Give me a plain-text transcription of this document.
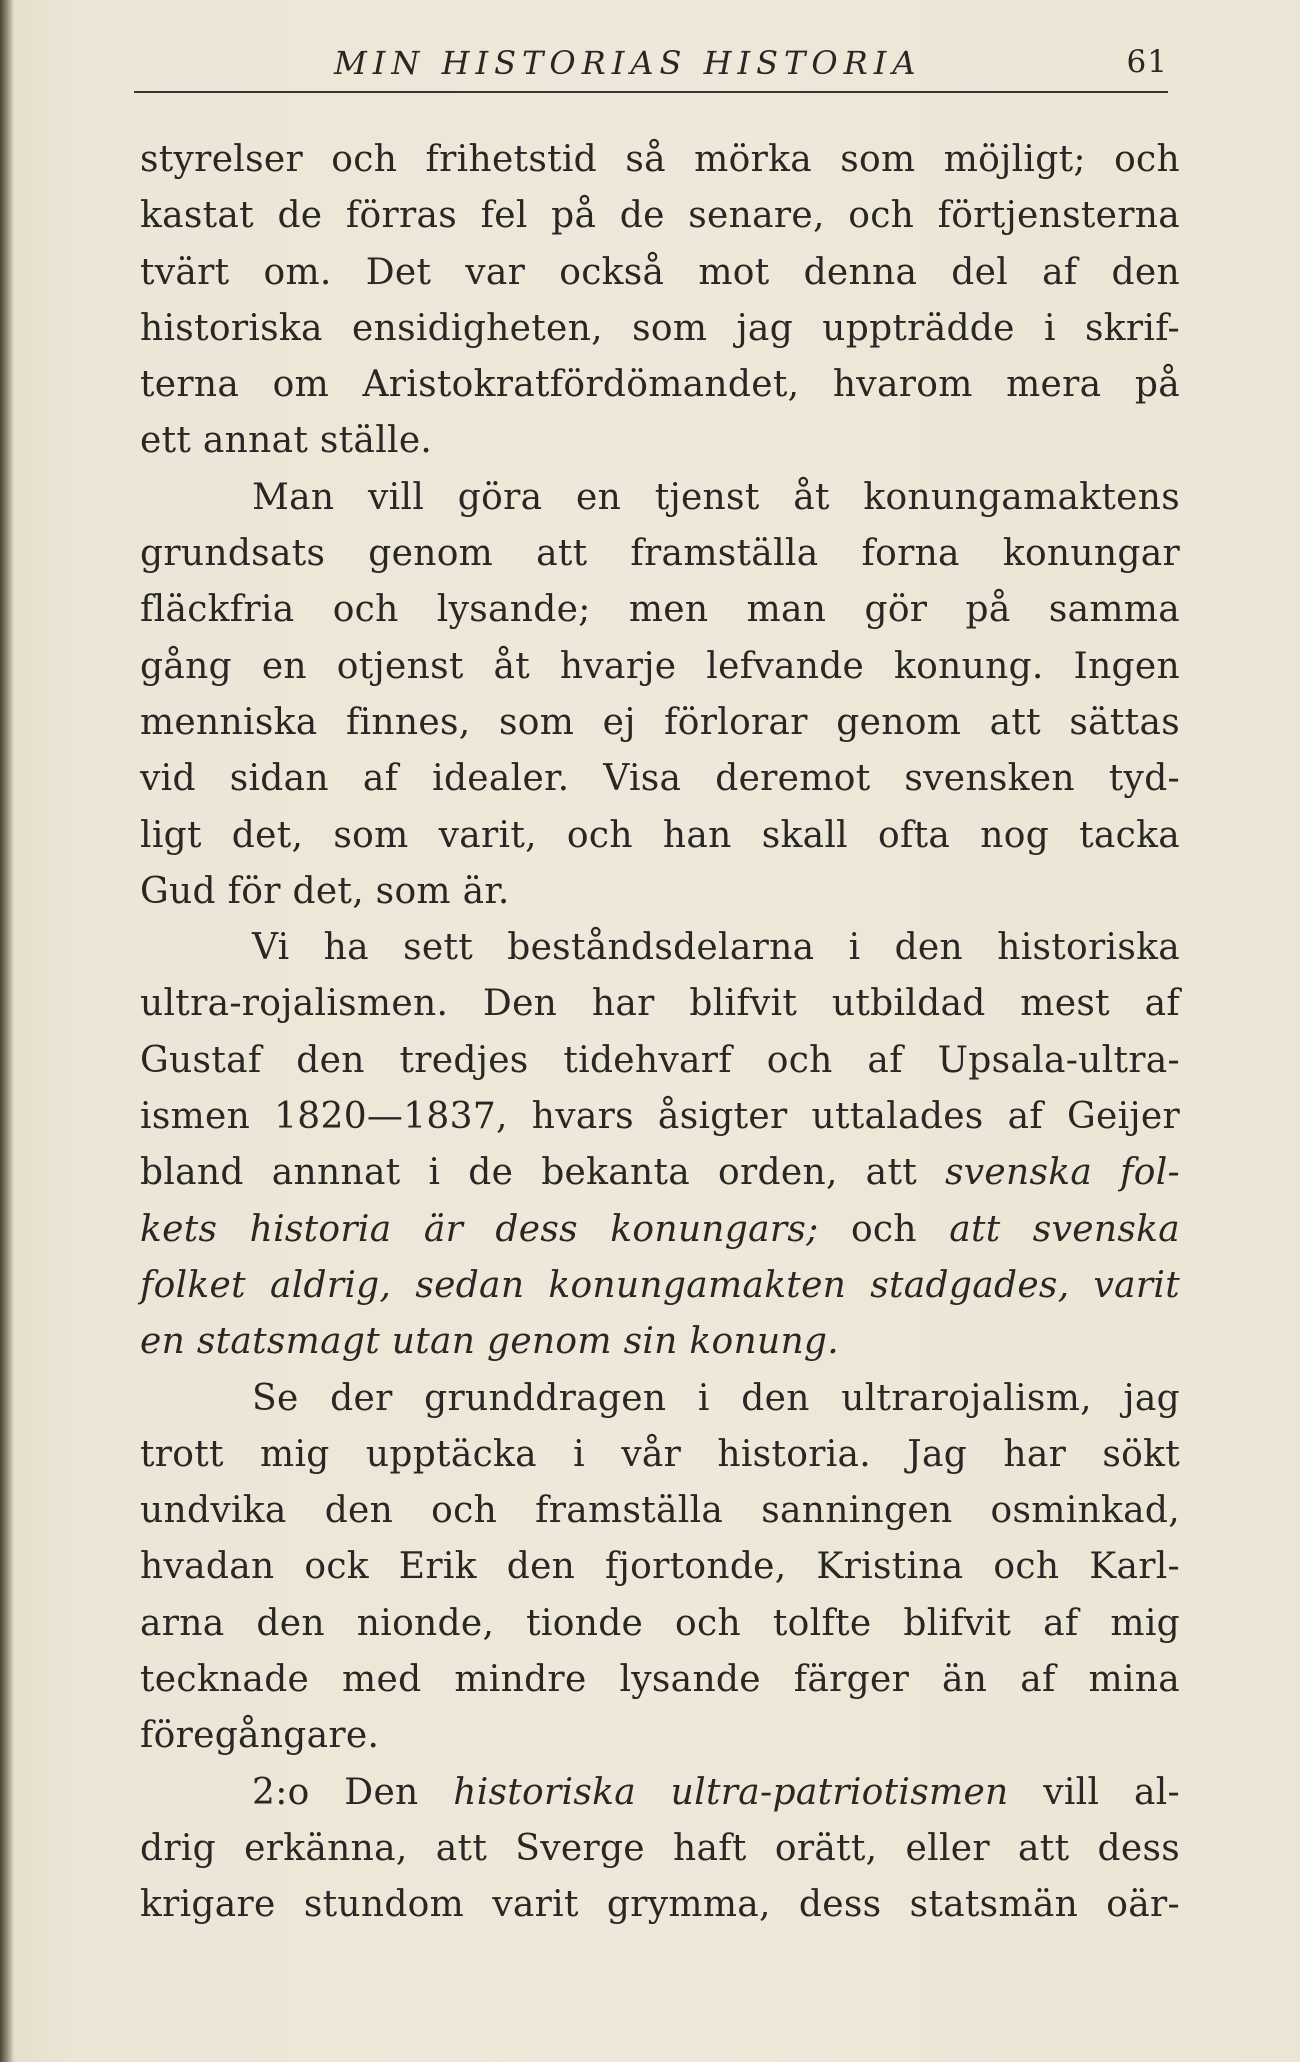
MIN HISTORIAS HISTORIA	61
styrelser och frihetstid så mörka som möjligt; och
kastat de förras fel på de senare, och förtjensterna
tvärt om. Det var också mot denna del af den
historiska ensidigheten, som jag uppträdde i skrif-
terna om Aristokratfördömandet, hvarom mera på
ett annat ställe.
Man vill göra en tjenst åt konungamaktens
grundsats genom att framställa forna konungar
fläckfria och lysande; men man gör på samma
gång en otjenst åt hvarje lefvande konung. Ingen
menniska finnes, som ej förlorar genom att sättas
vid sidan af idealer. Visa deremot svensken tyd-
ligt det, som varit, och han skall ofta nog tacka
Gud för det, som är.
Vi ha sett beståndsdelarna i den historiska
ultra-rojalismen. Den har blifvit utbildad mest af
Gustaf den tredjes tidehvarf och af Upsala-ultra-
ismen 1820—1837, hvars åsigter uttalades af Geijer
bland annnat i de bekanta orden, att svenska fol-
kets historia är dess konungars; och att svenska
folket aldrig, sedan konungamakten stadgades, varit
en statsmagt utan genom sin konung.
Se der grunddragen i den ultrarojalism, jag
trott mig upptäcka i vår historia. Jag har sökt
undvika den och framställa sanningen osminkad,
hvadan ock Erik den fjortonde, Kristina och Karl-
arna den nionde, tionde och tolfte blifvit af mig
tecknade med mindre lysande färger än af mina
föregångare.
2:o Den historiska ultra-patriotismen vill al-
drig erkänna, att Sverge haft orätt, eller att dess
krigare stundom varit grymma, dess statsmän oär-
